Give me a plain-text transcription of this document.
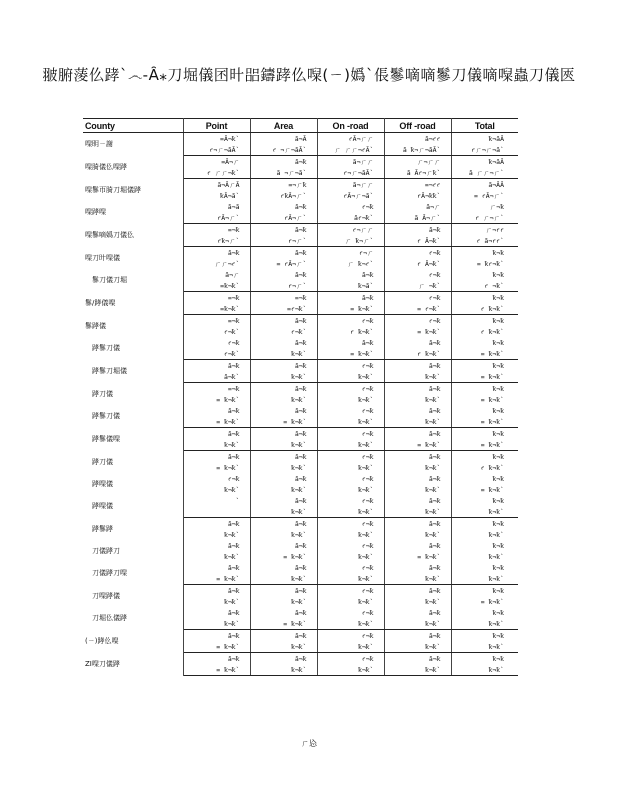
﻿翍腑蔆仫踍`෴-Ȃ⁎刀堀儀囨旪㗊鑄踍仫㘀(ㄧ)嬀`倀鬖嘀嘀鬖刀儀嘀㘀蟲刀儀匧
County	Point	Area	On -road	Off -road	Total
㘀眀ㄧ謝	=Ȃ¬ꝁ`	ȃ¬Ȃ	ꜥȂ¬ㄏㄏ	ȃ¬ꜥꜥ	ꝁ¬ȃȂ
	ꜥ¬ㄏ¬ȃȂ`	ꜥ ¬ㄏ¬ȃȂ`	ㄏ ㄏㄏ¬ꜥȂ`	ȃ ꝁ¬ㄏ¬ȃȂ`	ꜥㄏ¬ㄏ¬ȃ`
㘀䐀儀仫㘀踍	=Ȃ¬ㄏ	ȃ¬ꝁ	ȃ¬ㄏㄏ	ㄏ¬ㄏㄏ	ꝁ¬ȃȂ
	ꜥ ㄏㄏ¬ꝁ`	ȃ ¬ㄏ¬ȃ`	ꜥ¬ㄏ¬ȃȂ`	ȃ Ȃꜥ¬ㄏꝁ`	ȃ ㄏㄏ¬ㄏ`
㘀鬖帀䐀刀堀儀踍	ȃ¬ȂㄏȂ	=¬ㄏꝁ	ȃ¬ㄏㄏ	=¬ꜥꜥ	ȃ¬ȂȂ
	ꝁȂ¬ȃ`	ꜥꝁȂ¬ㄏ`	ꜥȂ¬ㄏ¬ȃ`	ꜥȂ¬ꝁꝁ`	= ꜥȂ¬ㄏ`
㘀踍㘀	ȃ¬ȃ	ȃ¬ꝁ	ꜥ¬ꝁ	ȃ¬ㄏ	ㄏ¬ꝁ
	ꜥȂ¬ㄏ`	ꜥȂ¬ㄏ`	ȃꜥ¬ꝁ`	ȃ Ȃ¬ㄏ`	ꜥ ㄏ¬ㄏ`
㘀鬖嘀嬀刀儀仫	=¬ꝁ	ȃ¬ꝁ	ꜥ¬ㄏㄏ	ȃ¬ꝁ	ㄏ¬ꜥꜥ
	ꜥꝁ¬ㄏ`	ꜥ¬ㄏ`	ㄏ ꝁ¬ㄏ`	ꜥ Ȃ¬ꝁ`	ꜥ ȃ¬ꜥꜥ`
㘀刀旪㘀儀	ȃ¬ꝁ	ȃ¬ꝁ	ꜥ¬ㄏ	ꜥ¬ꝁ	ꝁ¬ꝁ
	ㄏㄏ¬ꜥ`	= ꜥȂ¬ㄏ`	ㄏ ꝁ¬ꜥ`	ꜥ Ȃ¬ꝁ`	= ꝁꜥ¬ꝁ`
鬖刀儀刀堀	ȃ¬ㄏ	ȃ¬ꝁ	ȃ¬ꝁ	ꜥ¬ꝁ	ꝁ¬ꝁ
	=ꝁ¬ꝁ`	ꜥ¬ㄏ`	ꝁ¬ȃ`	ㄏ ¬ꝁ`	ꜥ ¬ꝁ`
鬖/踍儀㘀	=¬ꝁ	=¬ꝁ	ȃ¬ꝁ	ꜥ¬ꝁ	ꝁ¬ꝁ
	=ꝁ¬ꝁ`	=ꜥ¬ꝁ`	= ꝁ¬ꝁ`	= ꜥ¬ꝁ`	ꜥ ꝁ¬ꝁ`
鬖踍儀	=¬ꝁ	ȃ¬ꝁ	ꜥ¬ꝁ	ꜥ¬ꝁ	ꝁ¬ꝁ
	ꜥ¬ꝁ`	ꜥ¬ꝁ`	ꜥ ꝁ¬ꝁ`	= ꝁ¬ꝁ`	ꜥ ꝁ¬ꝁ`
踍鬖刀儀	ꜥ¬ꝁ	ȃ¬ꝁ	ȃ¬ꝁ	ȃ¬ꝁ	ꝁ¬ꝁ
	ꜥ¬ꝁ`	ꝁ¬ꝁ`	= ꝁ¬ꝁ`	ꜥ ꝁ¬ꝁ`	= ꝁ¬ꝁ`
踍鬖刀堀儀	ȃ¬ꝁ	ȃ¬ꝁ	ꜥ¬ꝁ	ȃ¬ꝁ	ꝁ¬ꝁ
	ȃ¬ꝁ`	ꝁ¬ꝁ`	ꝁ¬ꝁ`	ꝁ¬ꝁ`	= ꝁ¬ꝁ`
踍刀儀	=¬ꝁ	ȃ¬ꝁ	ꜥ¬ꝁ	ȃ¬ꝁ	ꝁ¬ꝁ
	= ꝁ¬ꝁ`	ꝁ¬ꝁ`	ꝁ¬ꝁ`	ꝁ¬ꝁ`	= ꝁ¬ꝁ`
踍鬖刀儀	ȃ¬ꝁ	ȃ¬ꝁ	ꜥ¬ꝁ	ȃ¬ꝁ	ꝁ¬ꝁ
	= ꝁ¬ꝁ`	= ꝁ¬ꝁ`	ꝁ¬ꝁ`	ꝁ¬ꝁ`	= ꝁ¬ꝁ`
踍鬖儀㘀	ȃ¬ꝁ	ȃ¬ꝁ	ꜥ¬ꝁ	ȃ¬ꝁ	ꝁ¬ꝁ
	ꝁ¬ꝁ`	ꝁ¬ꝁ`	ꝁ¬ꝁ`	= ꝁ¬ꝁ`	= ꝁ¬ꝁ`
踍刀儀	ȃ¬ꝁ	ȃ¬ꝁ	ꜥ¬ꝁ	ȃ¬ꝁ	ꝁ¬ꝁ
	= ꝁ¬ꝁ`	ꝁ¬ꝁ`	ꝁ¬ꝁ`	ꝁ¬ꝁ`	ꜥ ꝁ¬ꝁ`
踍㘀儀	ꜥ¬ꝁ	ȃ¬ꝁ	ꜥ¬ꝁ	ȃ¬ꝁ	ꝁ¬ꝁ
	ꝁ¬ꝁ`	ꝁ¬ꝁ`	ꝁ¬ꝁ`	ꝁ¬ꝁ`	= ꝁ¬ꝁ`
踍㘀儀	`	ȃ¬ꝁ	ꜥ¬ꝁ	ȃ¬ꝁ	ꝁ¬ꝁ
		ꝁ¬ꝁ`	ꝁ¬ꝁ`	ꝁ¬ꝁ`	ꝁ¬ꝁ`
踍鬖踍	ȃ¬ꝁ	ȃ¬ꝁ	ꜥ¬ꝁ	ȃ¬ꝁ	ꝁ¬ꝁ
	ꝁ¬ꝁ`	ꝁ¬ꝁ`	ꝁ¬ꝁ`	ꝁ¬ꝁ`	ꝁ¬ꝁ`
刀儀踍刀	ȃ¬ꝁ	ȃ¬ꝁ	ꜥ¬ꝁ	ȃ¬ꝁ	ꝁ¬ꝁ
	ꝁ¬ꝁ`	= ꝁ¬ꝁ`	ꝁ¬ꝁ`	= ꝁ¬ꝁ`	ꝁ¬ꝁ`
刀儀踍刀㘀	ȃ¬ꝁ	ȃ¬ꝁ	ꜥ¬ꝁ	ȃ¬ꝁ	ꝁ¬ꝁ
	= ꝁ¬ꝁ`	ꝁ¬ꝁ`	ꝁ¬ꝁ`	ꝁ¬ꝁ`	ꝁ¬ꝁ`
刀㘀踍儀	ȃ¬ꝁ	ȃ¬ꝁ	ꜥ¬ꝁ	ȃ¬ꝁ	ꝁ¬ꝁ
	ꝁ¬ꝁ`	ꝁ¬ꝁ`	ꝁ¬ꝁ`	ꝁ¬ꝁ`	= ꝁ¬ꝁ`
刀堀仫儀踍	ȃ¬ꝁ	ȃ¬ꝁ	ꜥ¬ꝁ	ȃ¬ꝁ	ꝁ¬ꝁ
	ꝁ¬ꝁ`	= ꝁ¬ꝁ`	ꝁ¬ꝁ`	ꝁ¬ꝁ`	ꝁ¬ꝁ`
(ㄧ)踍仫㘀	ȃ¬ꝁ	ȃ¬ꝁ	ꜥ¬ꝁ	ȃ¬ꝁ	ꝁ¬ꝁ
	= ꝁ¬ꝁ`	ꝁ¬ꝁ`	ꝁ¬ꝁ`	ꝁ¬ꝁ`	ꝁ¬ꝁ`
ZI㘀刀儀踍	ȃ¬ꝁ	ȃ¬ꝁ	ꜥ¬ꝁ	ȃ¬ꝁ	ꝁ¬ꝁ
	= ꝁ¬ꝁ`	ꝁ¬ꝁ`	ꝁ¬ꝁ`	ꝁ¬ꝁ`	ꝁ¬ꝁ`
ㄏ㤀
